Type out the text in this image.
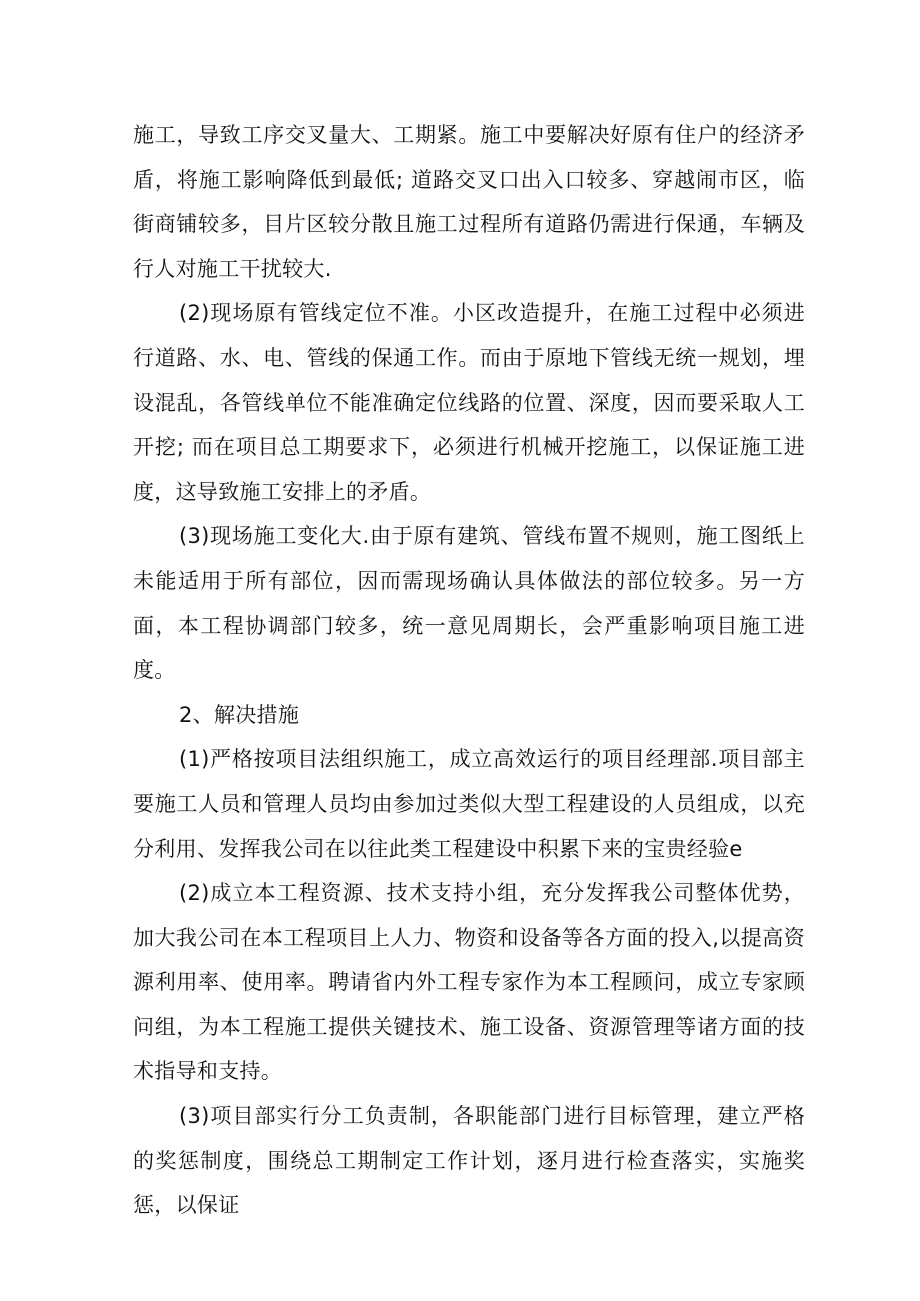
施工，导致工序交叉量大、工期紧。施工中要解决好原有住户的经济矛盾，将施工影响降低到最低; 道路交叉口出入口较多、穿越闹市区，临街商铺较多，目片区较分散且施工过程所有道路仍需进行保通，车辆及行人对施工干扰较大.

(2)现场原有管线定位不准。小区改造提升，在施工过程中必须进行道路、水、电、管线的保通工作。而由于原地下管线无统一规划，埋设混乱，各管线单位不能准确定位线路的位置、深度，因而要采取人工开挖; 而在项目总工期要求下，必须进行机械开挖施工，以保证施工进度，这导致施工安排上的矛盾。

(3)现场施工变化大.由于原有建筑、管线布置不规则，施工图纸上未能适用于所有部位，因而需现场确认具体做法的部位较多。另一方面，本工程协调部门较多，统一意见周期长，会严重影响项目施工进度。

2、解决措施

(1)严格按项目法组织施工，成立高效运行的项目经理部.项目部主要施工人员和管理人员均由参加过类似大型工程建设的人员组成，以充分利用、发挥我公司在以往此类工程建设中积累下来的宝贵经验e

(2)成立本工程资源、技术支持小组，充分发挥我公司整体优势，加大我公司在本工程项目上人力、物资和设备等各方面的投入,以提高资源利用率、使用率。聘请省内外工程专家作为本工程顾问，成立专家顾问组，为本工程施工提供关键技术、施工设备、资源管理等诸方面的技术指导和支持。

(3)项目部实行分工负责制，各职能部门进行目标管理，建立严格的奖惩制度，围绕总工期制定工作计划，逐月进行检查落实，实施奖惩，以保证
